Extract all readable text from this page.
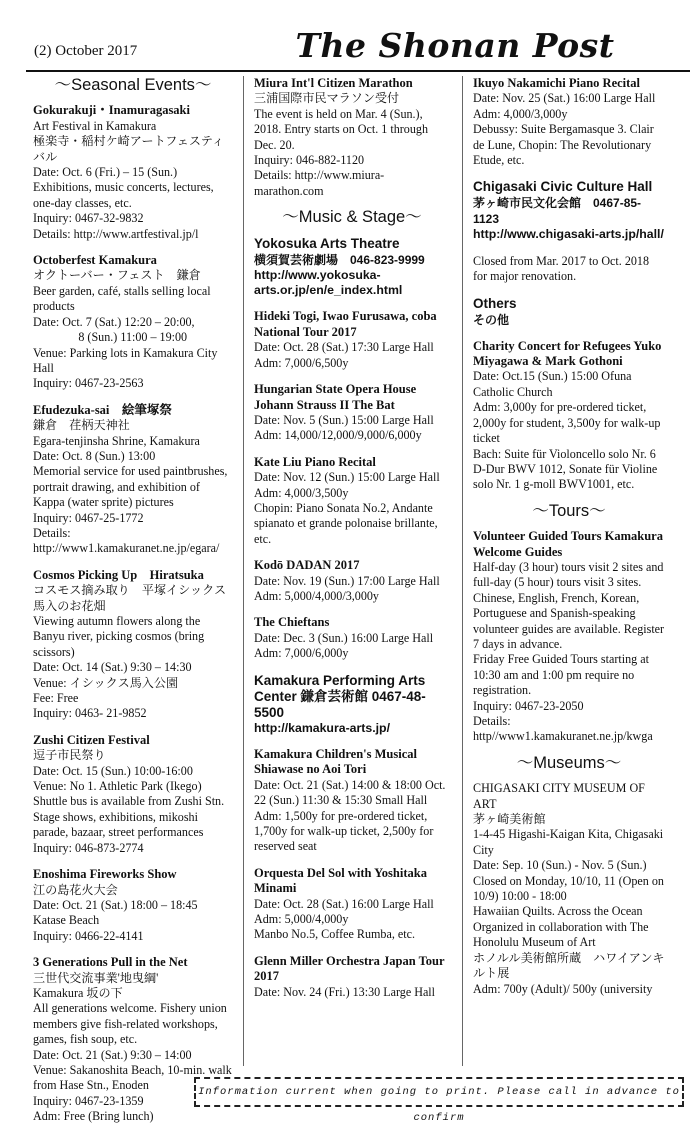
(2) October 2017	The Shonan Post
〜Seasonal Events〜
Gokurakuji・Inamuragasaki
Art Festival in Kamakura
極楽寺・稲村ケ崎アートフェスティバル
Date: Oct. 6 (Fri.) – 15 (Sun.)
Exhibitions, music concerts, lectures, one-day classes, etc.
Inquiry: 0467-32-9832
Details: http://www.artfestival.jp/l
Octoberfest Kamakura
オクトーバー・フェスト　鎌倉
Beer garden, café, stalls selling local products
Date: Oct. 7 (Sat.) 12:20 – 20:00,
8 (Sun.) 11:00 – 19:00
Venue: Parking lots in Kamakura City Hall
Inquiry: 0467-23-2563
Efudezuka-sai　絵筆塚祭
鎌倉　荏柄天神社
Egara-tenjinsha Shrine, Kamakura
Date: Oct. 8 (Sun.) 13:00
Memorial service for used paintbrushes, portrait drawing, and exhibition of Kappa (water sprite) pictures
Inquiry: 0467-25-1772
Details:
http://www1.kamakuranet.ne.jp/egara/
Cosmos Picking Up　Hiratsuka
コスモス摘み取り　平塚イシックス馬入のお花畑
Viewing autumn flowers along the Banyu river, picking cosmos (bring scissors)
Date: Oct. 14 (Sat.) 9:30 – 14:30
Venue: イシックス馬入公園
Fee: Free
Inquiry: 0463- 21-9852
Zushi Citizen Festival
逗子市民祭り
Date: Oct. 15 (Sun.) 10:00-16:00
Venue: No 1. Athletic Park (Ikego) Shuttle bus is available from Zushi Stn.
Stage shows, exhibitions, mikoshi parade, bazaar, street performances
Inquiry: 046-873-2774
Enoshima Fireworks Show
江の島花火大会
Date: Oct. 21 (Sat.) 18:00 – 18:45
Katase Beach
Inquiry: 0466-22-4141
3 Generations Pull in the Net
三世代交流事業'地曳綱'
Kamakura 坂の下
All generations welcome. Fishery union members give fish-related workshops, games, fish soup, etc.
Date: Oct. 21 (Sat.) 9:30 – 14:00
Venue: Sakanoshita Beach, 10-min. walk from Hase Stn., Enoden
Inquiry: 0467-23-1359
Adm: Free (Bring lunch)
Miura Int'l Citizen Marathon
三浦国際市民マラソン受付
The event is held on Mar. 4 (Sun.), 2018. Entry starts on Oct. 1 through Dec. 20.
Inquiry: 046-882-1120
Details: http://www.miura-marathon.com
〜Music & Stage〜
Yokosuka Arts Theatre
横須賀芸術劇場　046-823-9999
http://www.yokosuka-arts.or.jp/en/e_index.html
Hideki Togi, Iwao Furusawa, coba National Tour 2017
Date: Oct. 28 (Sat.) 17:30 Large Hall
Adm: 7,000/6,500y
Hungarian State Opera House Johann Strauss II The Bat
Date: Nov. 5 (Sun.) 15:00 Large Hall
Adm: 14,000/12,000/9,000/6,000y
Kate Liu Piano Recital
Date: Nov. 12 (Sun.) 15:00 Large Hall
Adm: 4,000/3,500y
Chopin: Piano Sonata No.2, Andante spianato et grande polonaise brillante, etc.
Kodō DADAN 2017
Date: Nov. 19 (Sun.) 17:00 Large Hall
Adm: 5,000/4,000/3,000y
The Chieftans
Date: Dec. 3 (Sun.) 16:00 Large Hall
Adm: 7,000/6,000y
Kamakura Performing Arts Center 鎌倉芸術館 0467-48-5500
http://kamakura-arts.jp/
Kamakura Children's Musical Shiawase no Aoi Tori
Date: Oct. 21 (Sat.) 14:00 & 18:00 Oct. 22 (Sun.) 11:30 & 15:30 Small Hall
Adm: 1,500y for pre-ordered ticket, 1,700y for walk-up ticket, 2,500y for reserved seat
Orquesta Del Sol with Yoshitaka Minami
Date: Oct. 28 (Sat.) 16:00 Large Hall
Adm: 5,000/4,000y
Manbo No.5, Coffee Rumba, etc.
Glenn Miller Orchestra Japan Tour 2017
Date: Nov. 24 (Fri.) 13:30 Large Hall
Ikuyo Nakamichi Piano Recital
Date: Nov. 25 (Sat.) 16:00 Large Hall
Adm: 4,000/3,000y
Debussy: Suite Bergamasque 3. Clair de Lune, Chopin: The Revolutionary Etude, etc.
Chigasaki Civic Culture Hall
茅ヶ崎市民文化会館　0467-85-1123
http://www.chigasaki-arts.jp/hall/
Closed from Mar. 2017 to Oct. 2018 for major renovation.
Others
その他
Charity Concert for Refugees Yuko Miyagawa & Mark Gothoni
Date: Oct.15 (Sun.) 15:00 Ofuna Catholic Church
Adm: 3,000y for pre-ordered ticket, 2,000y for student, 3,500y for walk-up ticket
Bach: Suite für Violoncello solo Nr. 6 D-Dur BWV 1012, Sonate für Violine solo Nr. 1 g-moll BWV1001, etc.
〜Tours〜
Volunteer Guided Tours Kamakura Welcome Guides
Half-day (3 hour) tours visit 2 sites and full-day (5 hour) tours visit 3 sites. Chinese, English, French, Korean, Portuguese and Spanish-speaking volunteer guides are available. Register 7 days in advance.
Friday Free Guided Tours starting at 10:30 am and 1:00 pm require no registration.
Inquiry: 0467-23-2050
Details:
http//www1.kamakuranet.ne.jp/kwga
〜Museums〜
CHIGASAKI CITY MUSEUM OF ART
茅ヶ崎美術館
1-4-45 Higashi-Kaigan Kita, Chigasaki City
Date: Sep. 10 (Sun.) - Nov. 5 (Sun.)
Closed on Monday, 10/10, 11 (Open on 10/9) 10:00 - 18:00
Hawaiian Quilts. Across the Ocean Organized in collaboration with The Honolulu Museum of Art
ホノルル美術館所蔵　ハワイアンキルト展
Adm: 700y (Adult)/ 500y (university
Information current when going to print. Please call in advance to confirm
